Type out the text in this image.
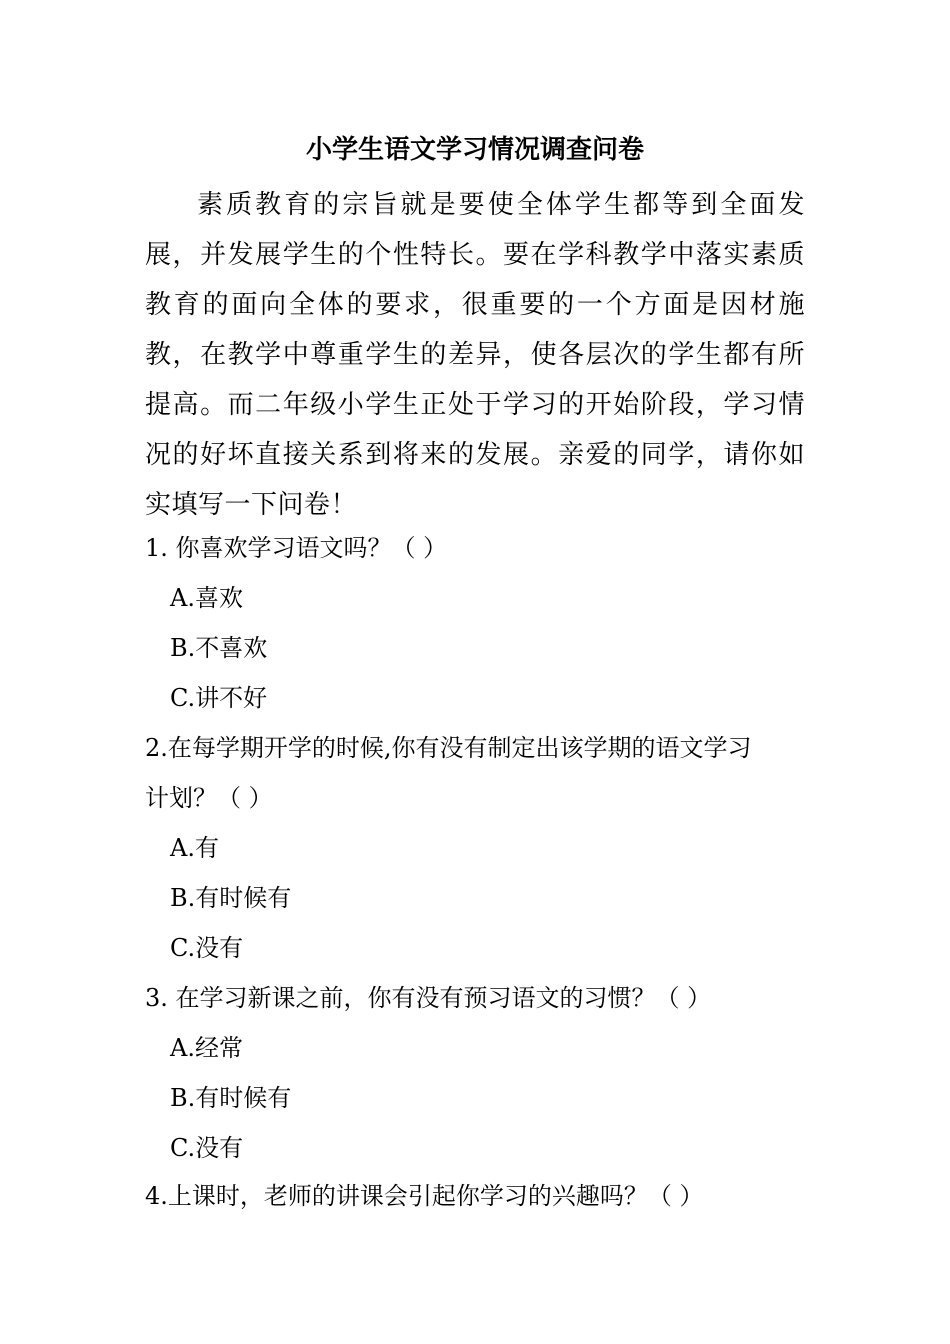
小学生语文学习情况调查问卷

素质教育的宗旨就是要使全体学生都等到全面发展，并发展学生的个性特长。要在学科教学中落实素质教育的面向全体的要求，很重要的一个方面是因材施教，在教学中尊重学生的差异，使各层次的学生都有所提高。而二年级小学生正处于学习的开始阶段，学习情况的好坏直接关系到将来的发展。亲爱的同学，请你如实填写一下问卷！

1. 你喜欢学习语文吗？（ ）
A.喜欢
B.不喜欢
C.讲不好
2.在每学期开学的时候,你有没有制定出该学期的语文学习
计划？（ ）
A.有
B.有时候有
C.没有
3. 在学习新课之前，你有没有预习语文的习惯？（ ）
A.经常
B.有时候有
C.没有
4.上课时，老师的讲课会引起你学习的兴趣吗？（ ）
